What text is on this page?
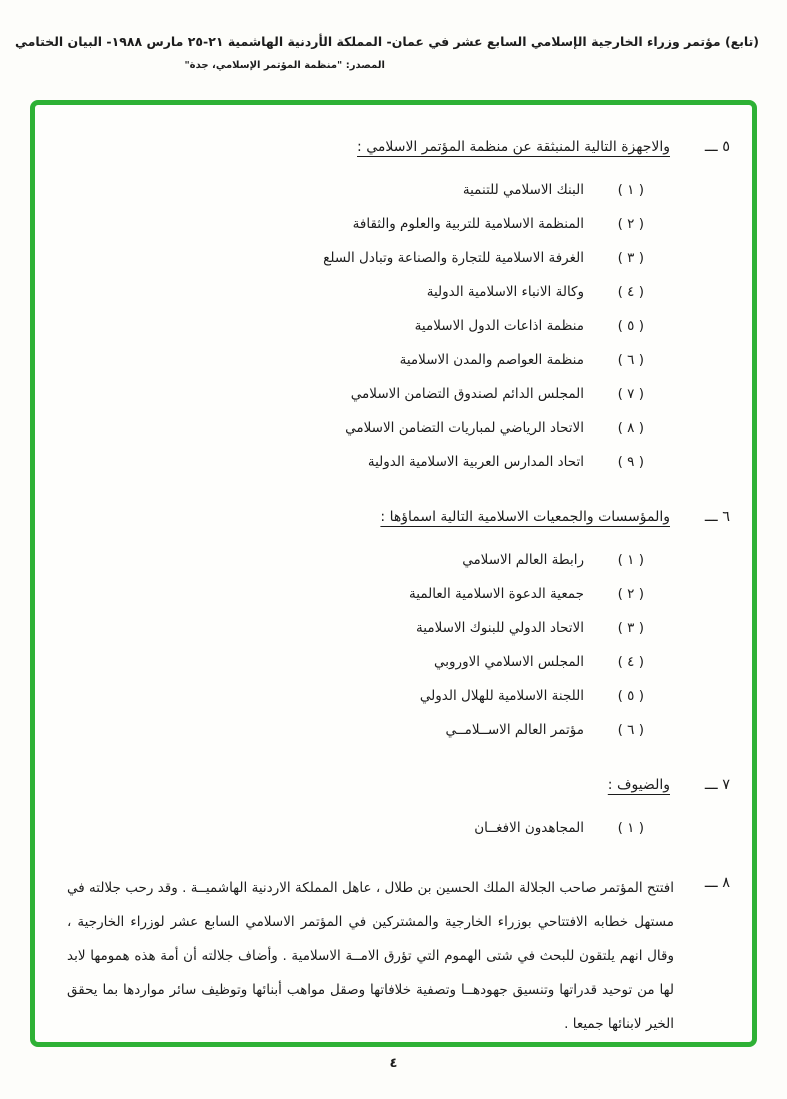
(تابع) مؤتمر وزراء الخارجية الإسلامي السابع عشر في عمان- المملكة الأردنية الهاشمية ٢١-٢٥ مارس ١٩٨٨- البيان الختامي
المصدر: "منظمة المؤتمر الإسلامي، جدة"
٥ ـــ
والاجهزة التالية المنبثقة عن منظمة المؤتمر الاسلامي :
( ١ )البنك الاسلامي للتنمية
( ٢ )المنظمة الاسلامية للتربية والعلوم والثقافة
( ٣ )الغرفة الاسلامية للتجارة والصناعة وتبادل السلع
( ٤ )وكالة الانباء الاسلامية الدولية
( ٥ )منظمة اذاعات الدول الاسلامية
( ٦ )منظمة العواصم والمدن الاسلامية
( ٧ )المجلس الدائم لصندوق التضامن الاسلامي
( ٨ )الاتحاد الرياضي لمباريات التضامن الاسلامي
( ٩ )اتحاد المدارس العربية الاسلامية الدولية
٦ ـــ
والمؤسسات والجمعيات الاسلامية التالية اسماؤها :
( ١ )رابطة العالم الاسلامي
( ٢ )جمعية الدعوة الاسلامية العالمية
( ٣ )الاتحاد الدولي للبنوك الاسلامية
( ٤ )المجلس الاسلامي الاوروبي
( ٥ )اللجنة الاسلامية للهلال الدولي
( ٦ )مؤتمر العالم الاســلامــي
٧ ـــ
والضيوف :
( ١ )المجاهدون الافغــان
٨ ـــ
افتتح المؤتمر صاحب الجلالة الملك الحسين بن طلال ، عاهل المملكة الاردنية الهاشميــة . وقد رحب جلالته في مستهل خطابه الافتتاحي بوزراء الخارجية والمشتركين في المؤتمر الاسلامي السابع عشر لوزراء الخارجية ، وقال انهم يلتقون للبحث في شتى الهموم التي تؤرق الامــة الاسلامية . وأضاف جلالته أن أمة هذه همومها لابد لها من توحيد قدراتها وتنسيق جهودهــا وتصفية خلافاتها وصقل مواهب أبنائها وتوظيف سائر مواردها بما يحقق الخير لابنائها جميعا .
٤
